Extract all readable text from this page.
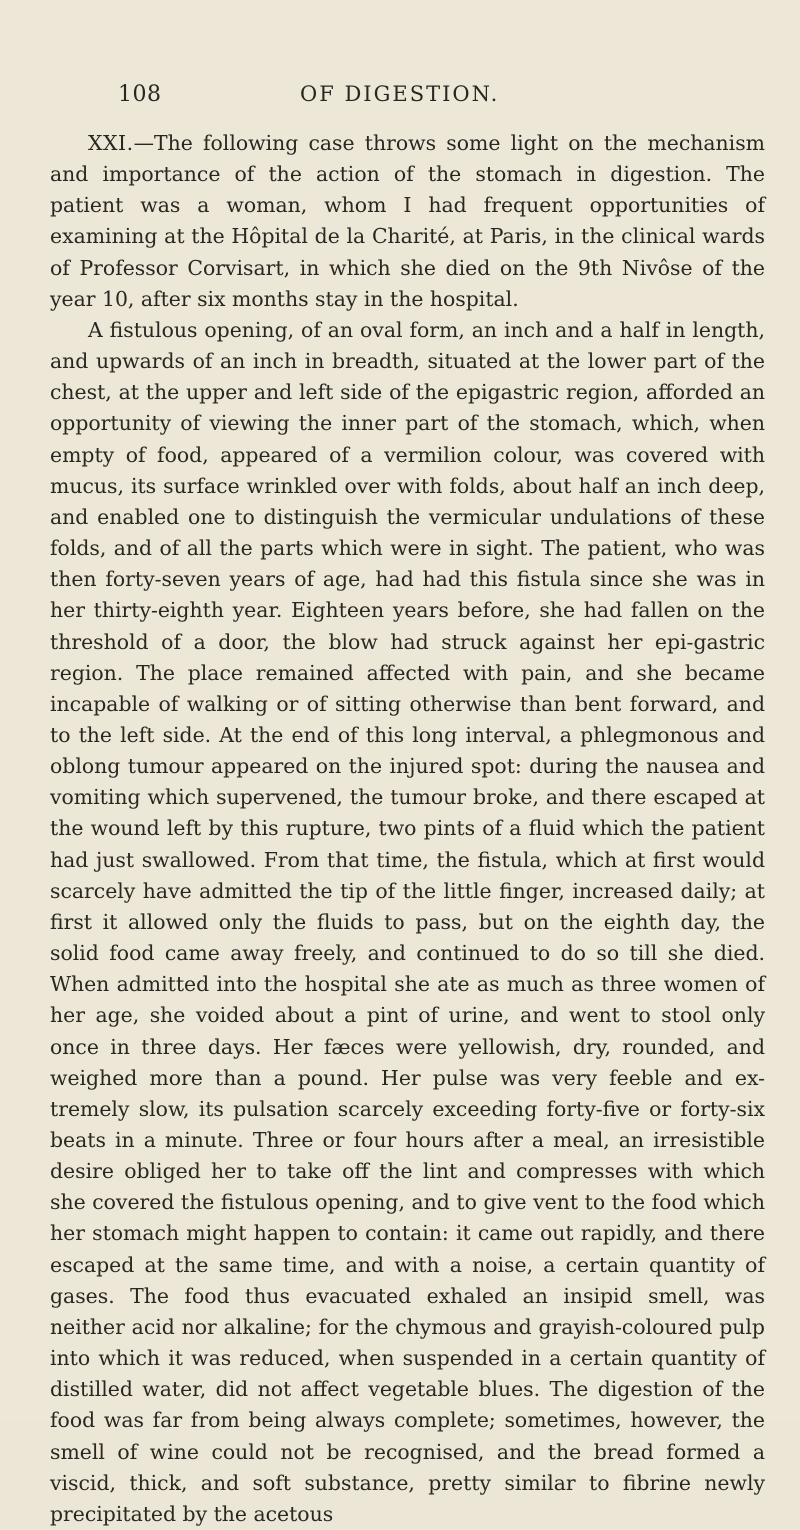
108	OF DIGESTION.

XXI.—The following case throws some light on the mechanism and importance of the action of the stomach in digestion. The patient was a woman, whom I had frequent opportunities of examining at the Hôpital de la Charité, at Paris, in the clinical wards of Professor Corvisart, in which she died on the 9th Nivôse of the year 10, after six months stay in the hospital.

A fistulous opening, of an oval form, an inch and a half in length, and upwards of an inch in breadth, situated at the lower part of the chest, at the upper and left side of the epigastric region, afforded an opportunity of viewing the inner part of the stomach, which, when empty of food, appeared of a vermilion colour, was covered with mucus, its surface wrinkled over with folds, about half an inch deep, and enabled one to distinguish the vermicular undulations of these folds, and of all the parts which were in sight. The patient, who was then forty-seven years of age, had had this fistula since she was in her thirty-eighth year. Eighteen years before, she had fallen on the threshold of a door, the blow had struck against her epi-gastric region. The place remained affected with pain, and she became incapable of walking or of sitting otherwise than bent forward, and to the left side. At the end of this long interval, a phlegmonous and oblong tumour appeared on the injured spot: during the nausea and vomiting which supervened, the tumour broke, and there escaped at the wound left by this rupture, two pints of a fluid which the patient had just swallowed. From that time, the fistula, which at first would scarcely have admitted the tip of the little finger, increased daily; at first it allowed only the fluids to pass, but on the eighth day, the solid food came away freely, and continued to do so till she died. When admitted into the hospital she ate as much as three women of her age, she voided about a pint of urine, and went to stool only once in three days. Her fæces were yellowish, dry, rounded, and weighed more than a pound. Her pulse was very feeble and ex-tremely slow, its pulsation scarcely exceeding forty-five or forty-six beats in a minute. Three or four hours after a meal, an irresistible desire obliged her to take off the lint and compresses with which she covered the fistulous opening, and to give vent to the food which her stomach might happen to contain: it came out rapidly, and there escaped at the same time, and with a noise, a certain quantity of gases. The food thus evacuated exhaled an insipid smell, was neither acid nor alkaline; for the chymous and grayish-coloured pulp into which it was reduced, when suspended in a certain quantity of distilled water, did not affect vegetable blues. The digestion of the food was far from being always complete; sometimes, however, the smell of wine could not be recognised, and the bread formed a viscid, thick, and soft substance, pretty similar to fibrine newly precipitated by the acetous
